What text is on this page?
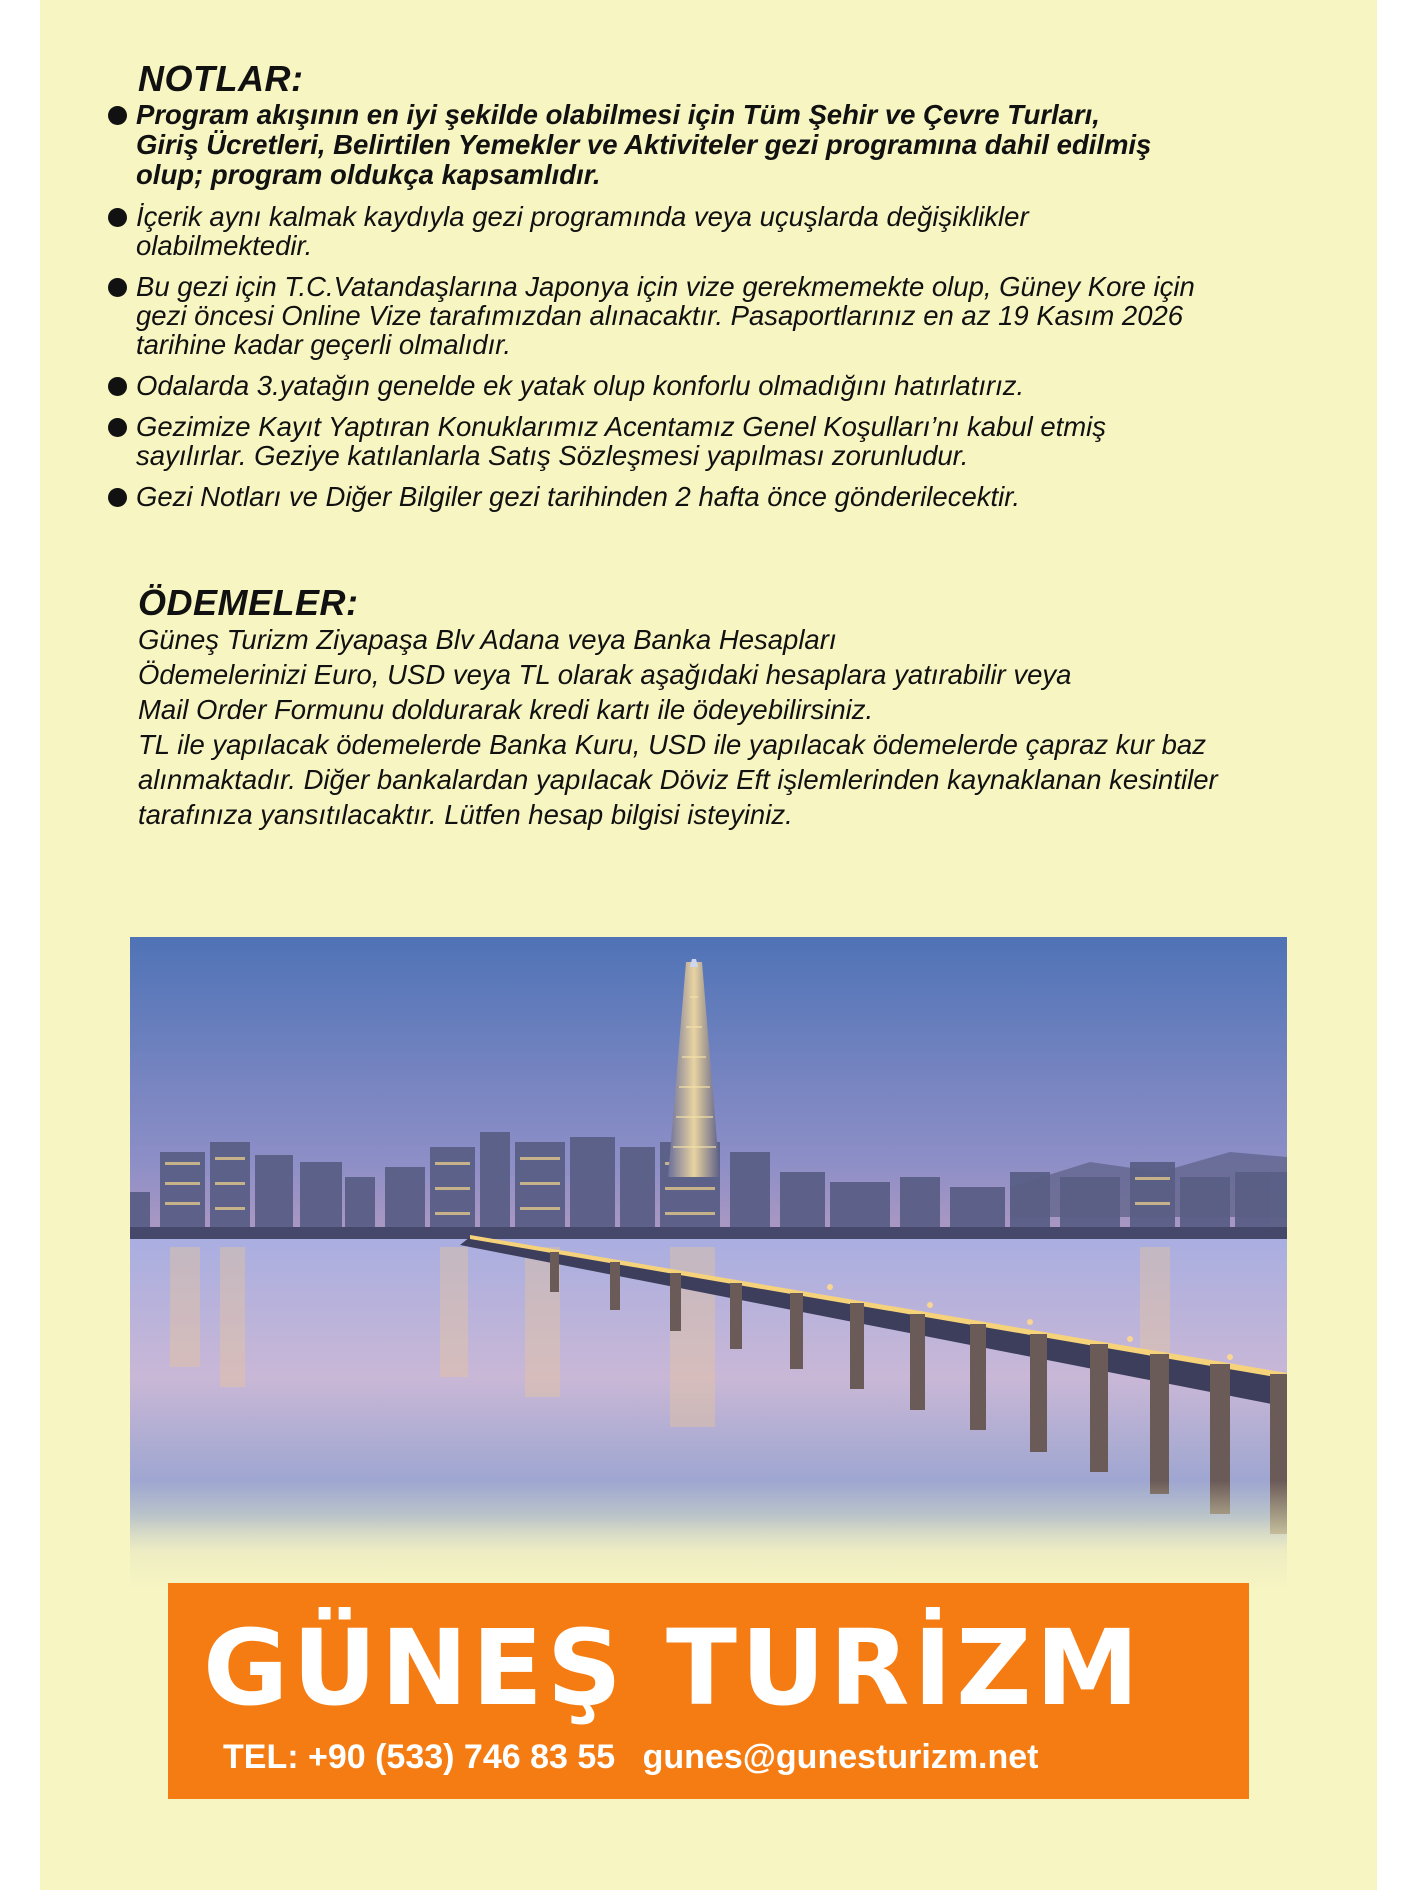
NOTLAR:
Program akışının en iyi şekilde olabilmesi için Tüm Şehir ve Çevre Turları,
Giriş Ücretleri, Belirtilen Yemekler ve Aktiviteler gezi programına dahil edilmiş
olup; program oldukça kapsamlıdır.
İçerik aynı kalmak kaydıyla gezi programında veya uçuşlarda değişiklikler
olabilmektedir.
Bu gezi için T.C.Vatandaşlarına Japonya için vize gerekmemekte olup, Güney Kore için
gezi öncesi Online Vize tarafımızdan alınacaktır. Pasaportlarınız en az 19 Kasım 2026
tarihine kadar geçerli olmalıdır.
Odalarda 3.yatağın genelde ek yatak olup konforlu olmadığını hatırlatırız.
Gezimize Kayıt Yaptıran Konuklarımız Acentamız Genel Koşulları’nı kabul etmiş
sayılırlar. Geziye katılanlarla Satış Sözleşmesi yapılması zorunludur.
Gezi Notları ve Diğer Bilgiler gezi tarihinden 2 hafta önce gönderilecektir.
ÖDEMELER:
Güneş Turizm Ziyapaşa Blv Adana veya Banka Hesapları
Ödemelerinizi Euro, USD veya TL olarak aşağıdaki hesaplara yatırabilir veya
Mail Order Formunu doldurarak kredi kartı ile ödeyebilirsiniz.
TL ile yapılacak ödemelerde Banka Kuru, USD ile yapılacak ödemelerde çapraz kur baz
alınmaktadır. Diğer bankalardan yapılacak Döviz Eft işlemlerinden kaynaklanan kesintiler
tarafınıza yansıtılacaktır. Lütfen hesap bilgisi isteyiniz.
GÜNEŞ TURİZM
TEL: +90 (533) 746 83 55 gunes@gunesturizm.net
